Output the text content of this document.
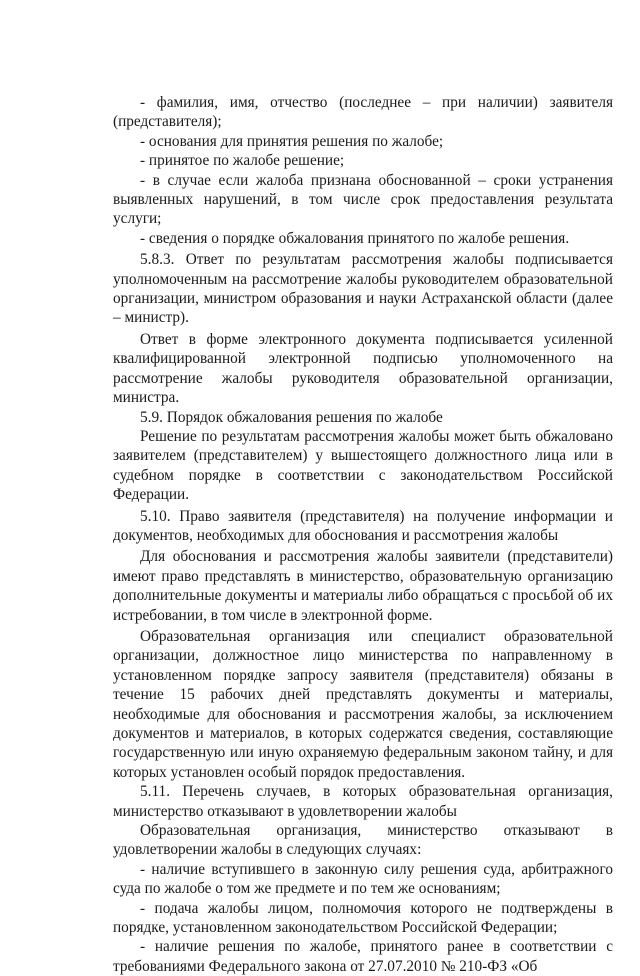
- фамилия, имя, отчество (последнее – при наличии) заявителя (представителя);

- основания для принятия решения по жалобе;

- принятое по жалобе решение;

- в случае если жалоба признана обоснованной – сроки устранения выявленных нарушений, в том числе срок предоставления результата услуги;

- сведения о порядке обжалования принятого по жалобе решения.

5.8.3. Ответ по результатам рассмотрения жалобы подписывается уполномоченным на рассмотрение жалобы руководителем образовательной организации, министром образования и науки Астраханской области (далее – министр).

Ответ в форме электронного документа подписывается усиленной квалифицированной электронной подписью уполномоченного на рассмотрение жалобы руководителя образовательной организации, министра.

5.9. Порядок обжалования решения по жалобе

Решение по результатам рассмотрения жалобы может быть обжаловано заявителем (представителем) у вышестоящего должностного лица или в судебном порядке в соответствии с законодательством Российской Федерации.

5.10. Право заявителя (представителя) на получение информации и документов, необходимых для обоснования и рассмотрения жалобы

Для обоснования и рассмотрения жалобы заявители (представители) имеют право представлять в министерство, образовательную организацию дополнительные документы и материалы либо обращаться с просьбой об их истребовании, в том числе в электронной форме.

Образовательная организация или специалист образовательной организации, должностное лицо министерства по направленному в установленном порядке запросу заявителя (представителя) обязаны в течение 15 рабочих дней представлять документы и материалы, необходимые для обоснования и рассмотрения жалобы, за исключением документов и материалов, в которых содержатся сведения, составляющие государственную или иную охраняемую федеральным законом тайну, и для которых установлен особый порядок предоставления.

5.11. Перечень случаев, в которых образовательная организация, министерство отказывают в удовлетворении жалобы

Образовательная организация, министерство отказывают в удовлетворении жалобы в следующих случаях:

- наличие вступившего в законную силу решения суда, арбитражного суда по жалобе о том же предмете и по тем же основаниям;

- подача жалобы лицом, полномочия которого не подтверждены в порядке, установленном законодательством Российской Федерации;

- наличие решения по жалобе, принятого ранее в соответствии с требованиями Федерального закона от 27.07.2010 № 210-ФЗ «Об
